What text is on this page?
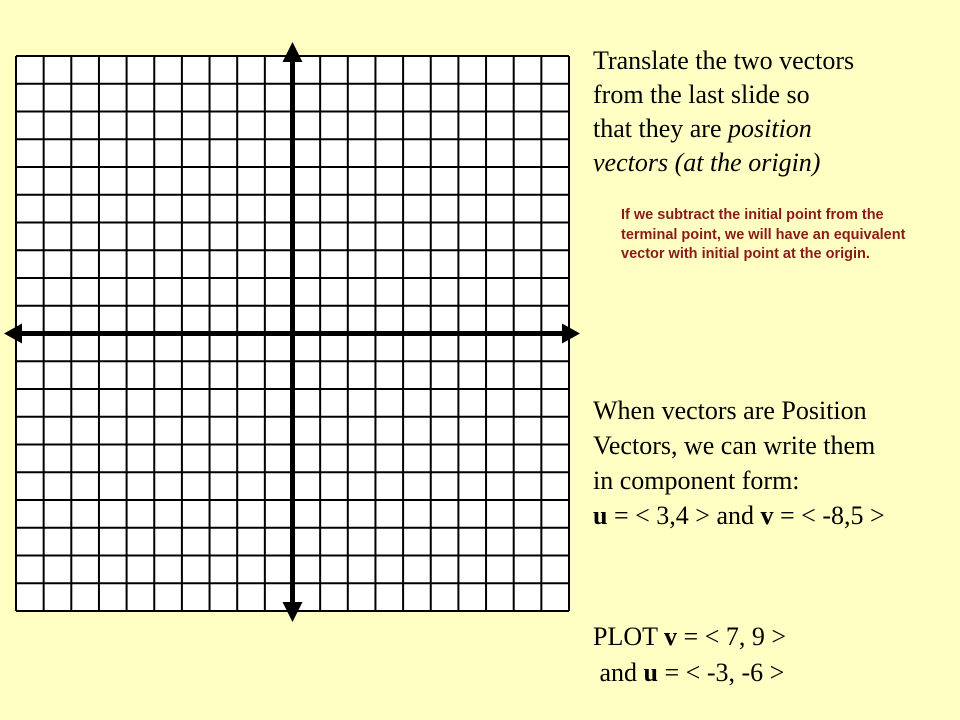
Translate the two vectors
from the last slide so
that they are position
vectors (at the origin)
If we subtract the initial point from the terminal point, we will have an equivalent vector with initial point at the origin.
When vectors are Position
Vectors, we can write them
in component form:
u = < 3,4 > and v = < -8,5 >
PLOT v = < 7, 9 >
and u = < -3, -6 >
